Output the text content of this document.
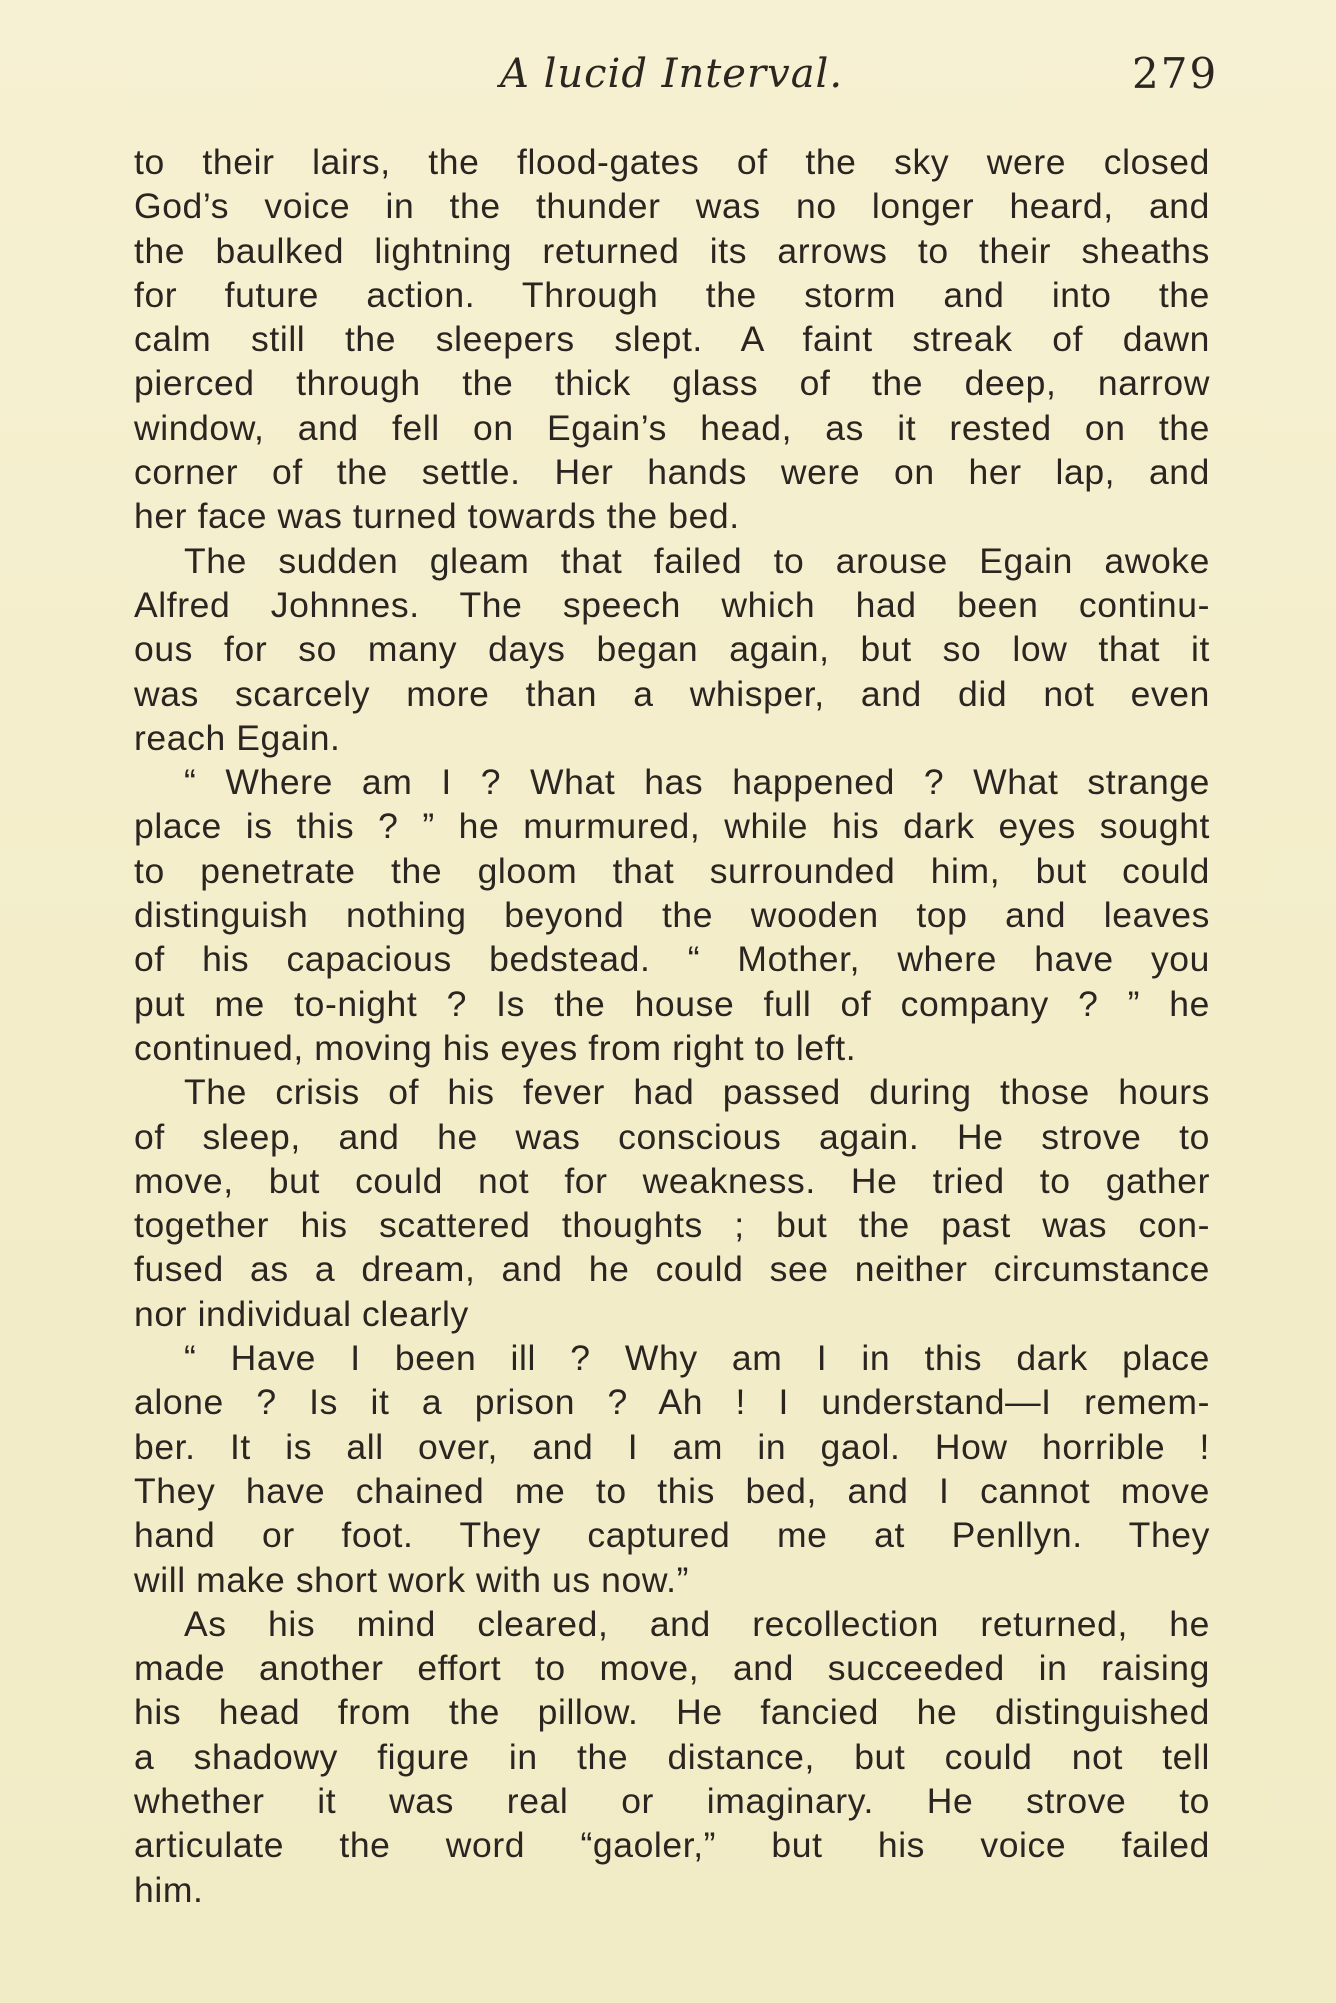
A lucid Interval.	279
to their lairs, the flood-gates of the sky were closed
God’s voice in the thunder was no longer heard, and
the baulked lightning returned its arrows to their sheaths
for future action. Through the storm and into the
calm still the sleepers slept. A faint streak of dawn
pierced through the thick glass of the deep, narrow
window, and fell on Egain’s head, as it rested on the
corner of the settle. Her hands were on her lap, and
her face was turned towards the bed.
The sudden gleam that failed to arouse Egain awoke
Alfred Johnnes. The speech which had been continu-
ous for so many days began again, but so low that it
was scarcely more than a whisper, and did not even
reach Egain.
“ Where am I ? What has happened ? What strange
place is this ? ” he murmured, while his dark eyes sought
to penetrate the gloom that surrounded him, but could
distinguish nothing beyond the wooden top and leaves
of his capacious bedstead. “ Mother, where have you
put me to-night ? Is the house full of company ? ” he
continued, moving his eyes from right to left.
The crisis of his fever had passed during those hours
of sleep, and he was conscious again. He strove to
move, but could not for weakness. He tried to gather
together his scattered thoughts ; but the past was con-
fused as a dream, and he could see neither circumstance
nor individual clearly
“ Have I been ill ? Why am I in this dark place
alone ? Is it a prison ? Ah ! I understand—I remem-
ber. It is all over, and I am in gaol. How horrible !
They have chained me to this bed, and I cannot move
hand or foot. They captured me at Penllyn. They
will make short work with us now.”
As his mind cleared, and recollection returned, he
made another effort to move, and succeeded in raising
his head from the pillow. He fancied he distinguished
a shadowy figure in the distance, but could not tell
whether it was real or imaginary. He strove to
articulate the word “gaoler,” but his voice failed
him.
